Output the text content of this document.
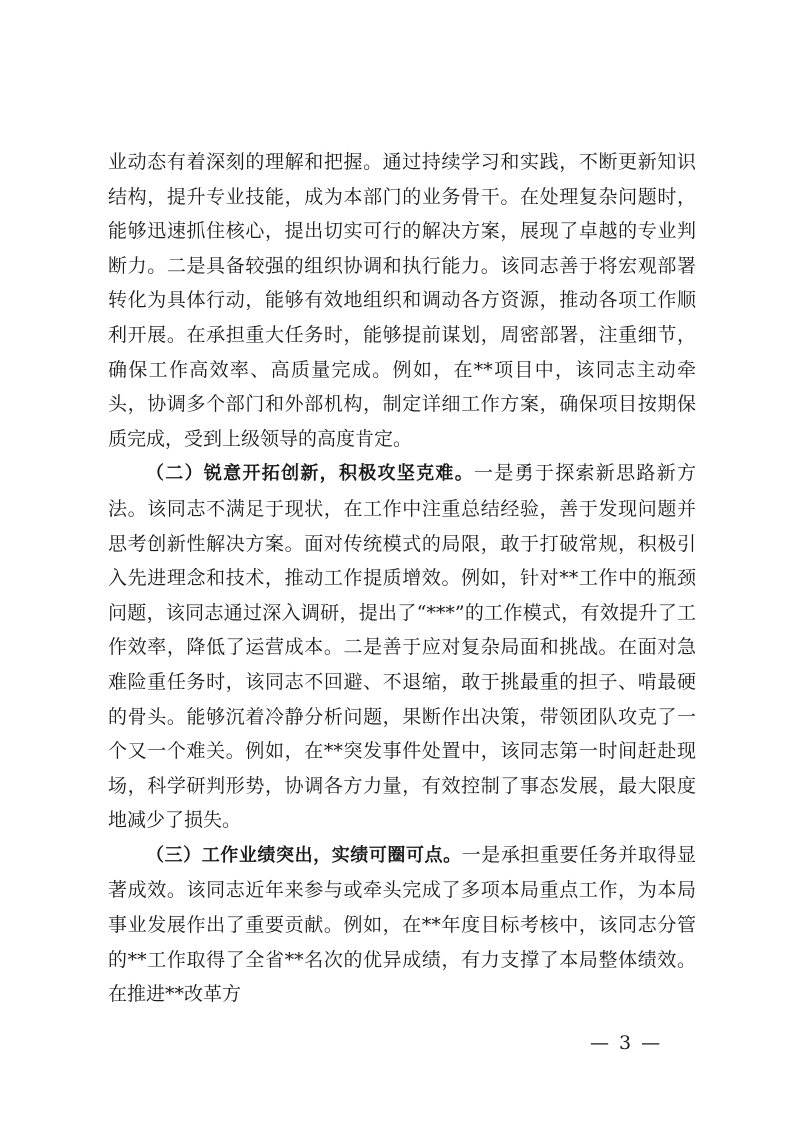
业动态有着深刻的理解和把握。通过持续学习和实践，不断更新知识结构，提升专业技能，成为本部门的业务骨干。在处理复杂问题时，能够迅速抓住核心，提出切实可行的解决方案，展现了卓越的专业判断力。二是具备较强的组织协调和执行能力。该同志善于将宏观部署转化为具体行动，能够有效地组织和调动各方资源，推动各项工作顺利开展。在承担重大任务时，能够提前谋划，周密部署，注重细节，确保工作高效率、高质量完成。例如，在**项目中，该同志主动牵头，协调多个部门和外部机构，制定详细工作方案，确保项目按期保质完成，受到上级领导的高度肯定。

（二）锐意开拓创新，积极攻坚克难。一是勇于探索新思路新方法。该同志不满足于现状，在工作中注重总结经验，善于发现问题并思考创新性解决方案。面对传统模式的局限，敢于打破常规，积极引入先进理念和技术，推动工作提质增效。例如，针对**工作中的瓶颈问题，该同志通过深入调研，提出了“***”的工作模式，有效提升了工作效率，降低了运营成本。二是善于应对复杂局面和挑战。在面对急难险重任务时，该同志不回避、不退缩，敢于挑最重的担子、啃最硬的骨头。能够沉着冷静分析问题，果断作出决策，带领团队攻克了一个又一个难关。例如，在**突发事件处置中，该同志第一时间赶赴现场，科学研判形势，协调各方力量，有效控制了事态发展，最大限度地减少了损失。

（三）工作业绩突出，实绩可圈可点。一是承担重要任务并取得显著成效。该同志近年来参与或牵头完成了多项本局重点工作，为本局事业发展作出了重要贡献。例如，在**年度目标考核中，该同志分管的**工作取得了全省**名次的优异成绩，有力支撑了本局整体绩效。在推进**改革方

— 3 —
